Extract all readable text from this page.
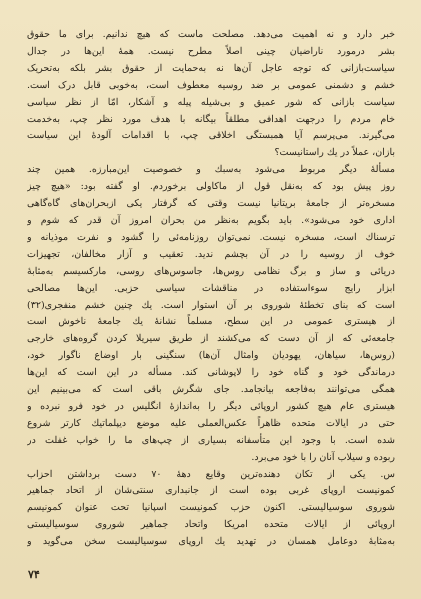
خبر دارد و نه اهمیت می‌دهد. مصلحت ماست که هیچ ندانیم. برای ما حقوق
بشر درمورد ناراضیان چینی اصلاً مطرح نیست. همهٔ این‌ها در جدال
سیاست‌بازانی که توجه عاجل آن‌ها نه به‌حمایت از حقوق بشر بلکه به‌تحریک
خشم و دشمنی عمومی بر ضد روسیه معطوف است، به‌خوبی قابل درک است.
سیاست بازانی که شور عمیق و بی‌شیله پیله و آشکار، امّا از نظر سیاسی
خام مردم را درجهت اهدافی مطلقاً بیگانه با هدف مورد نظر چپ، به‌خدمت
می‌گیرند. می‌پرسم آیا همبستگی اخلاقی چپ، با اقدامات آلودهٔ این سیاست
بازان، عملاً در یك راستانیست؟
مسألهٔ دیگر مربوط می‌شود به‌سبك و خصوصیت این‌مبارزه. همین چند
روز پیش بود که به‌نقل قول از ماکاولی برخوردم. او گفته بود: «هیچ چیز
مسخره‌تر از جامعهٔ بریتانیا نیست وقتی که گرفتار یکی ازبحران‌های گاه‌گاهی
اداری خود می‌شود». باید بگویم به‌نظر من بحران امروز آن قدر که شوم و
ترسناك است، مسخره نیست. نمی‌توان روزنامه‌ئی را گشود و نفرت موذیانه و
خوف از روسیه را در آن بچشم ندید. تعقیب و آزار مخالفان، تجهیزات
دریائی و ساز و برگ نظامی روس‌ها، جاسوس‌های روسی، مارکسیسم به‌مثابهٔ
ابزار رایج سوءاستفاده در مناقشات سیاسی حزبی. این‌ها مصالحی
است که بنای تخطئهٔ شوروی بر آن استوار است. یك چنین خشم منفجری(۳۲)
از هیستری عمومی در این سطح، مسلماً نشانهٔ یك جامعهٔ ناخوش است
جامعه‌ئی که از آن دست که می‌کشند از طریق سیریلا کردن گروه‌های خارجی
(روس‌ها، سیاهان، یهودیان وامثال آن‌ها) سنگینی بار اوضاع ناگوار خود،
درماندگی خود و گناه خود را لاپوشانی کند. مسأله در این است که این‌ها
همگی می‌توانند به‌فاجعه بیانجامد. جای شگرش باقی است که می‌بینیم این
هیستری عام هیچ کشور اروپائی دیگر را به‌اندازهٔ انگلیس در خود فرو نبرده و
حتی در ایالات متحده ظاهراً عکس‌العملی علیه موضع دیپلماتیك کارتر شروع
شده است. با وجود این متأسفانه بسیاری از چپ‌های ما را خواب غفلت در
ربوده و سیلاب آنان را با خود می‌برد.
س. یکی از تکان دهنده‌ترین وقایع دههٔ ۷۰ دست برداشتن احزاب
کمونیست اروپای غربی بوده است از جانبداری سنتی‌شان از اتحاد جماهیر
شوروی سوسیالیستی. اکنون حزب کمونیست اسپانیا تحت عنوان کمونیسم
اروپائی از ایالات متحده امریکا واتحاد جماهیر شوروی سوسیالیستی
به‌مثابهٔ دوعامل همسان در تهدید یك اروپای سوسیالیست سخن می‌گوید و
۷۴
